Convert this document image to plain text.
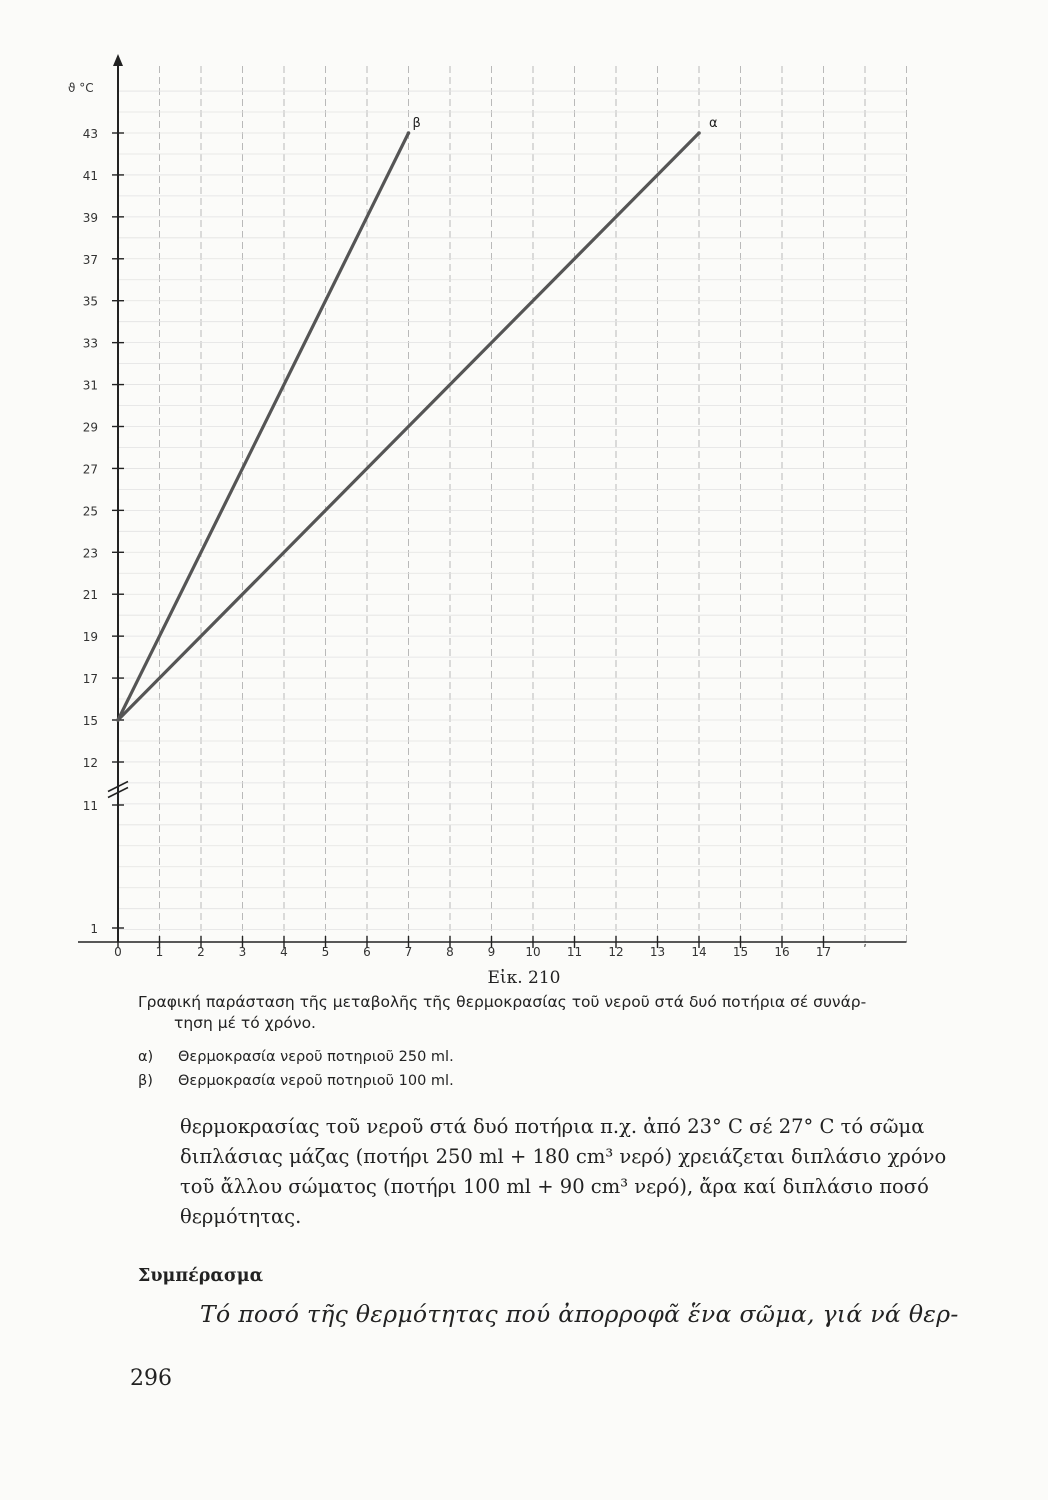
1
11
12
15
17
19
21
23
25
27
29
31
33
35
37
39
41
43
0	1	2	3	4	5	6	7	8	9	10 11 12 13 14 15 16 17	ʹ
β	α
ϑ °C
Εἰκ. 210
Γραφική παράσταση τῆς μεταβολῆς τῆς θερμοκρασίας τοῦ νεροῦ στά δυό ποτήρια σέ συνάρ-
τηση μέ τό χρόνο.
α) Θερμοκρασία νεροῦ ποτηριοῦ 250 ml.
β) Θερμοκρασία νεροῦ ποτηριοῦ 100 ml.

θερμοκρασίας τοῦ νεροῦ στά δυό ποτήρια π.χ. ἀπό 23° C σέ 27° C τό σῶμα

διπλάσιας μάζας (ποτήρι 250 ml + 180 cm³ νερό) χρειάζεται διπλάσιο χρόνο

τοῦ ἄλλου σώματος (ποτήρι 100 ml + 90 cm³ νερό), ἄρα καί διπλάσιο ποσό

θερμότητας.

Συμπέρασμα
Τό ποσό τῆς θερμότητας πού ἀπορροφᾶ ἕνα σῶμα, γιά νά θερ-
296
